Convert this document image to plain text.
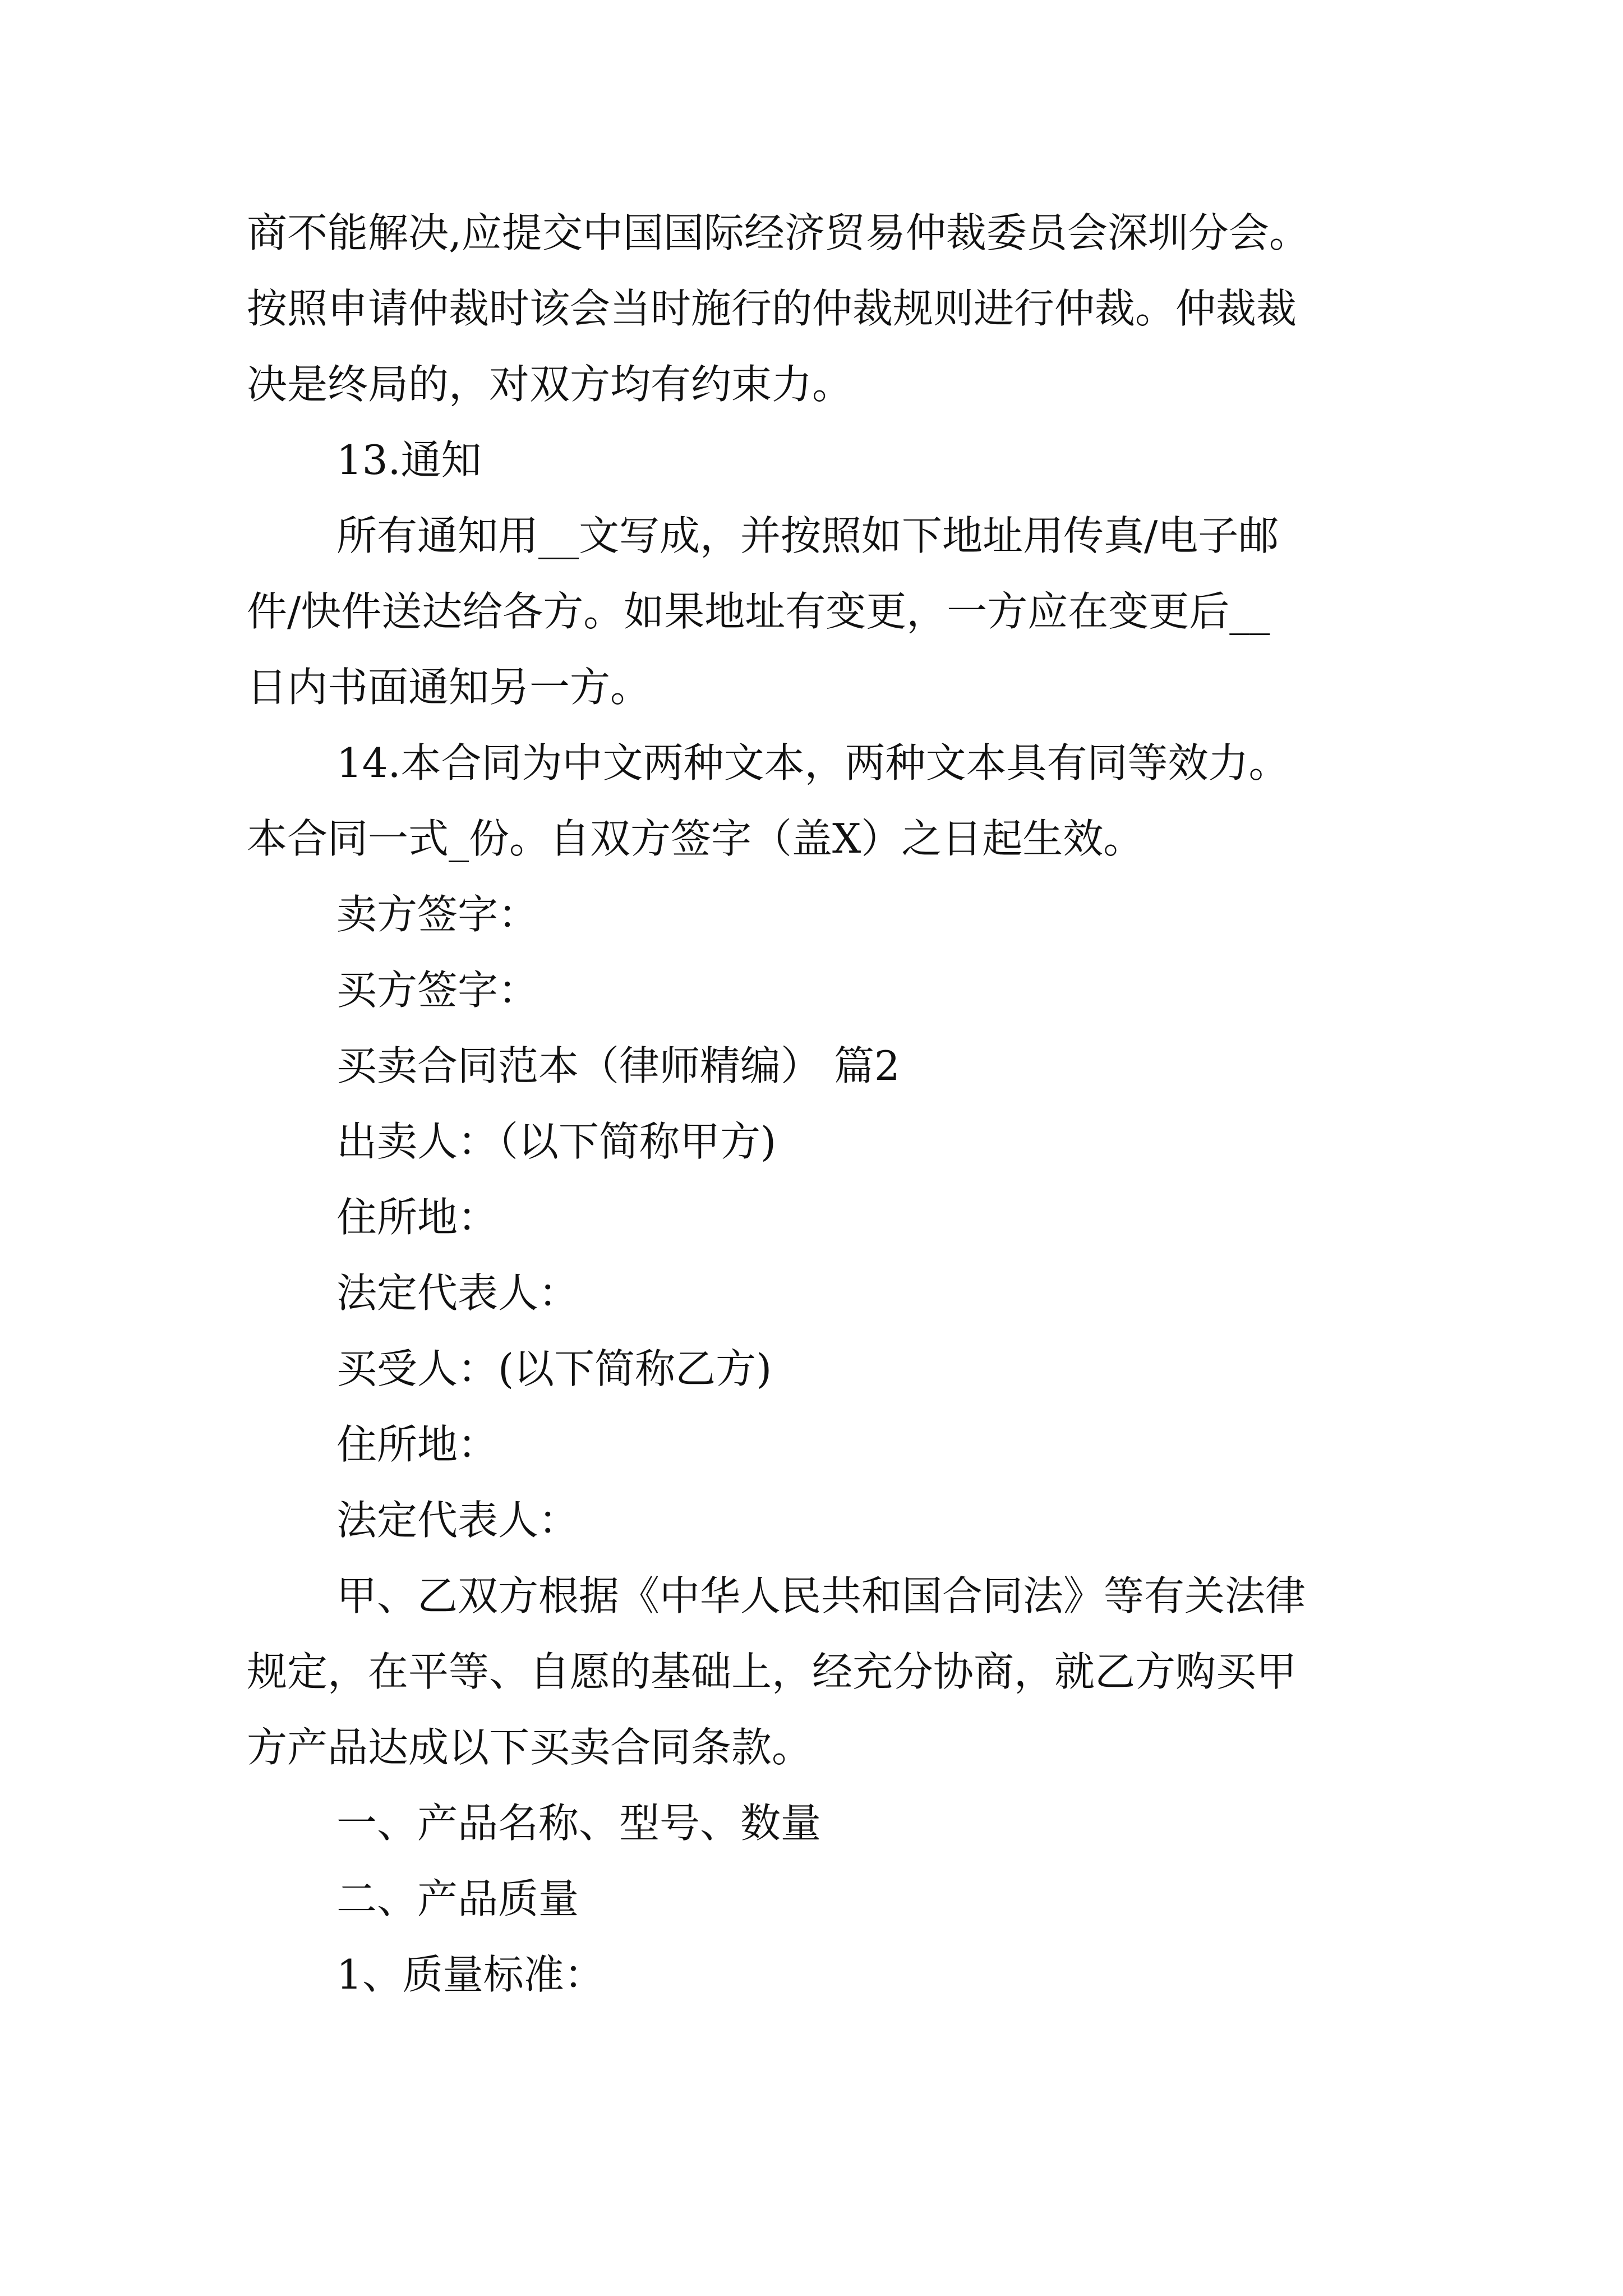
商不能解决,应提交中国国际经济贸易仲裁委员会深圳分会。
按照申请仲裁时该会当时施行的仲裁规则进行仲裁。仲裁裁
决是终局的，对双方均有约束力。
13.通知
所有通知用__文写成，并按照如下地址用传真/电子邮
件/快件送达给各方。如果地址有变更，一方应在变更后__
日内书面通知另一方。
14.本合同为中文两种文本，两种文本具有同等效力。
本合同一式_份。自双方签字（盖X）之日起生效。
卖方签字：
买方签字：
买卖合同范本（律师精编） 篇2
出卖人：（以下简称甲方)
住所地：
法定代表人：
买受人：(以下简称乙方)
住所地：
法定代表人：
甲、乙双方根据《中华人民共和国合同法》等有关法律
规定，在平等、自愿的基础上，经充分协商，就乙方购买甲
方产品达成以下买卖合同条款。
一、产品名称、型号、数量
二、产品质量
1、质量标准：
